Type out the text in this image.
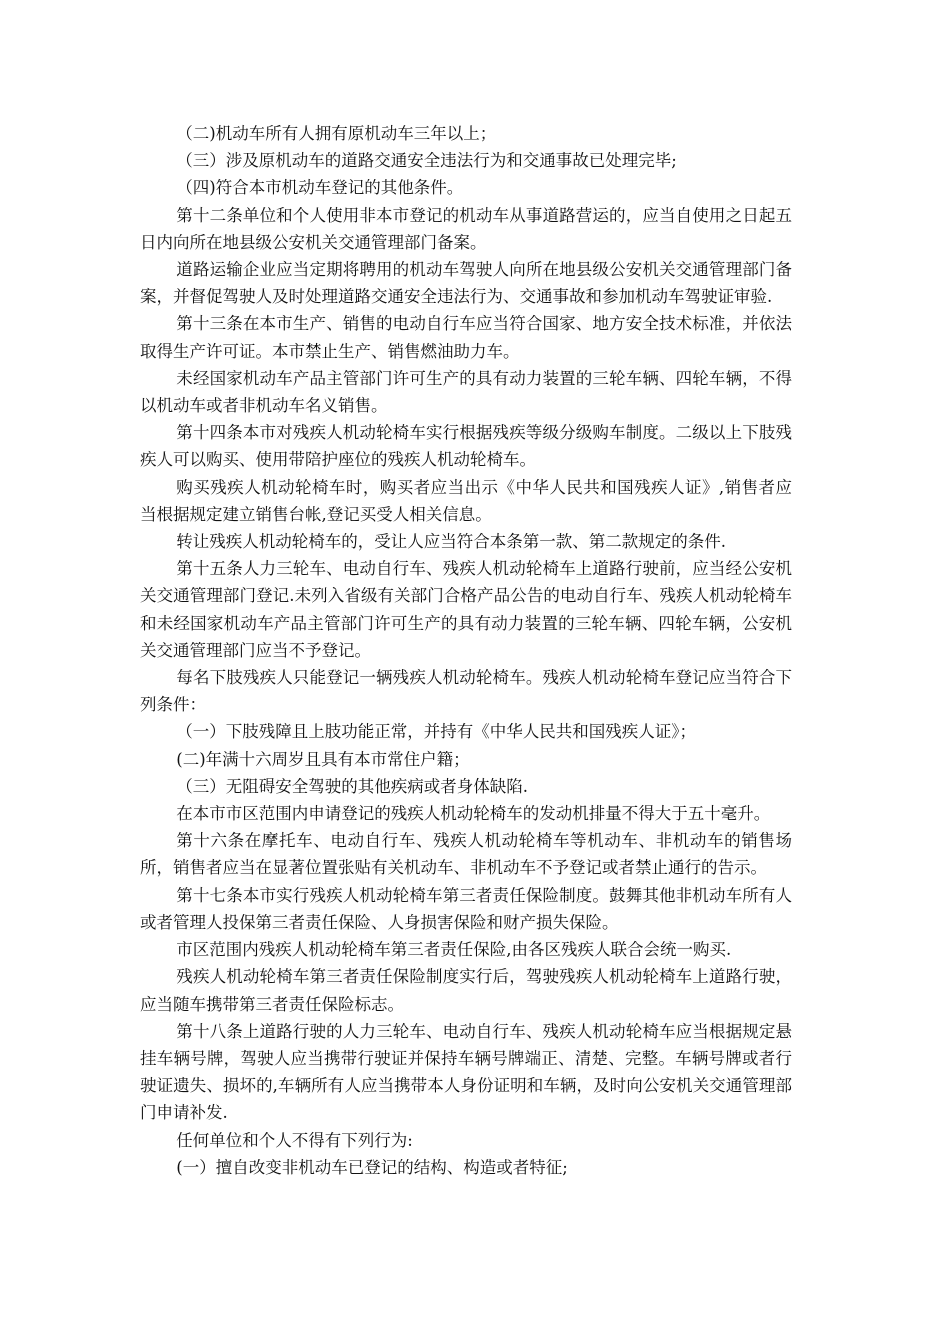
（二)机动车所有人拥有原机动车三年以上；

（三）涉及原机动车的道路交通安全违法行为和交通事故已处理完毕;

（四)符合本市机动车登记的其他条件。

第十二条单位和个人使用非本市登记的机动车从事道路营运的，应当自使用之日起五日内向所在地县级公安机关交通管理部门备案。

道路运输企业应当定期将聘用的机动车驾驶人向所在地县级公安机关交通管理部门备案，并督促驾驶人及时处理道路交通安全违法行为、交通事故和参加机动车驾驶证审验.

第十三条在本市生产、销售的电动自行车应当符合国家、地方安全技术标准，并依法取得生产许可证。本市禁止生产、销售燃油助力车。

未经国家机动车产品主管部门许可生产的具有动力装置的三轮车辆、四轮车辆，不得以机动车或者非机动车名义销售。

第十四条本市对残疾人机动轮椅车实行根据残疾等级分级购车制度。二级以上下肢残疾人可以购买、使用带陪护座位的残疾人机动轮椅车。

购买残疾人机动轮椅车时，购买者应当出示《中华人民共和国残疾人证》,销售者应当根据规定建立销售台帐,登记买受人相关信息。

转让残疾人机动轮椅车的，受让人应当符合本条第一款、第二款规定的条件.

第十五条人力三轮车、电动自行车、残疾人机动轮椅车上道路行驶前，应当经公安机关交通管理部门登记.未列入省级有关部门合格产品公告的电动自行车、残疾人机动轮椅车和未经国家机动车产品主管部门许可生产的具有动力装置的三轮车辆、四轮车辆，公安机关交通管理部门应当不予登记。

每名下肢残疾人只能登记一辆残疾人机动轮椅车。残疾人机动轮椅车登记应当符合下列条件：

（一）下肢残障且上肢功能正常，并持有《中华人民共和国残疾人证》；

(二)年满十六周岁且具有本市常住户籍；

（三）无阻碍安全驾驶的其他疾病或者身体缺陷.

在本市市区范围内申请登记的残疾人机动轮椅车的发动机排量不得大于五十毫升。

第十六条在摩托车、电动自行车、残疾人机动轮椅车等机动车、非机动车的销售场所，销售者应当在显著位置张贴有关机动车、非机动车不予登记或者禁止通行的告示。

第十七条本市实行残疾人机动轮椅车第三者责任保险制度。鼓舞其他非机动车所有人或者管理人投保第三者责任保险、人身损害保险和财产损失保险。

市区范围内残疾人机动轮椅车第三者责任保险,由各区残疾人联合会统一购买.

残疾人机动轮椅车第三者责任保险制度实行后，驾驶残疾人机动轮椅车上道路行驶，应当随车携带第三者责任保险标志。

第十八条上道路行驶的人力三轮车、电动自行车、残疾人机动轮椅车应当根据规定悬挂车辆号牌，驾驶人应当携带行驶证并保持车辆号牌端正、清楚、完整。车辆号牌或者行驶证遗失、损坏的,车辆所有人应当携带本人身份证明和车辆，及时向公安机关交通管理部门申请补发.

任何单位和个人不得有下列行为:

(一）擅自改变非机动车已登记的结构、构造或者特征;
